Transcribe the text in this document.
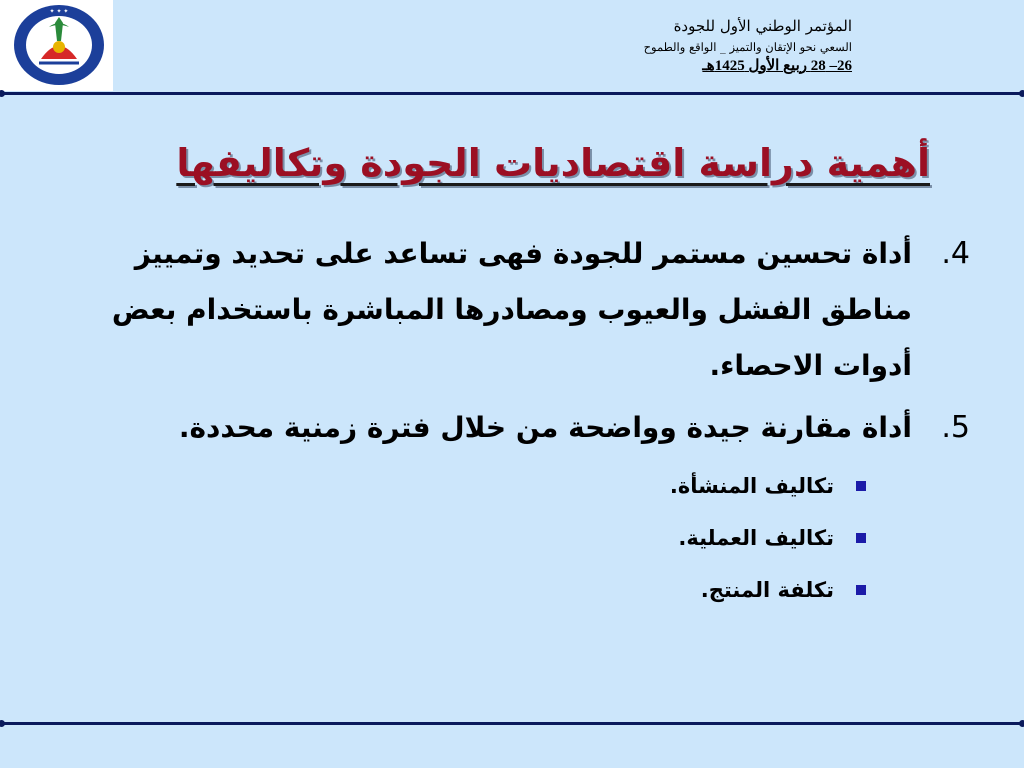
✦ ✦ ✦
المؤتمر الوطني الأول للجودة
السعي نحو الإتقان والتميز _ الواقع والطموح
26– 28 ربيع الأول 1425هـ
أهمية دراسة اقتصاديات الجودة وتكاليفها
4.
أداة تحسين مستمر للجودة فهى تساعد على تحديد وتمييز مناطق الفشل والعيوب ومصادرها المباشرة باستخدام بعض أدوات الاحصاء.
5.
أداة مقارنة جيدة وواضحة من خلال فترة زمنية محددة.
تكاليف المنشأة.
تكاليف العملية.
تكلفة المنتج.
